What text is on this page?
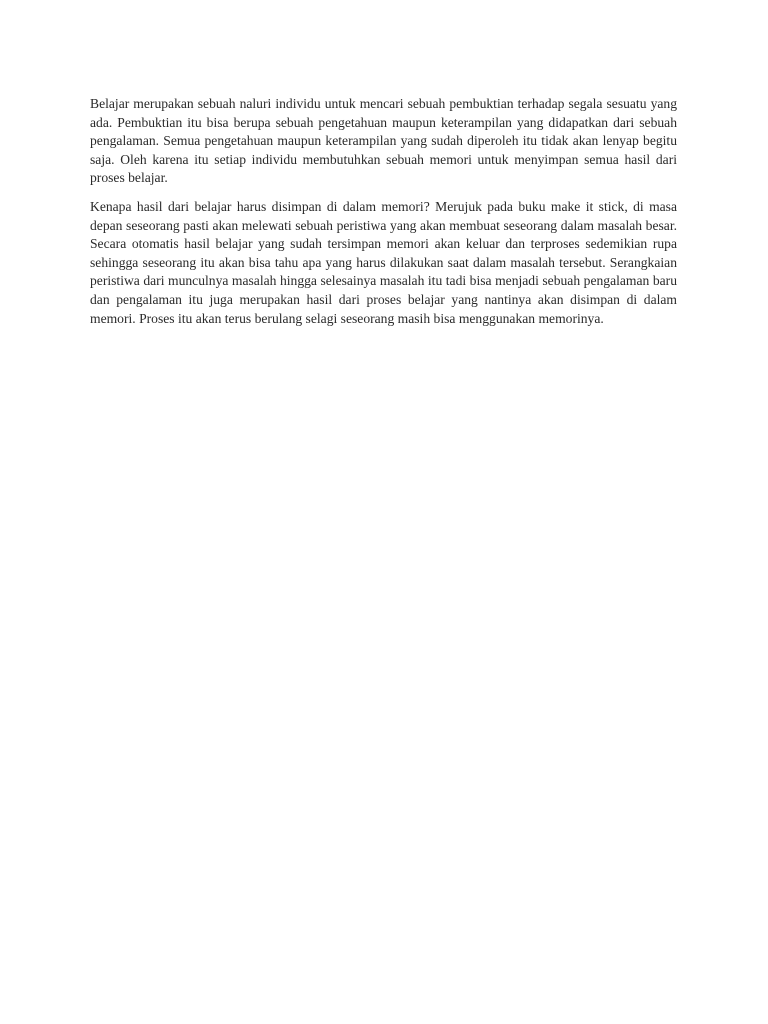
Belajar merupakan sebuah naluri individu untuk mencari sebuah pembuktian terhadap segala sesuatu yang ada. Pembuktian itu bisa berupa sebuah pengetahuan maupun keterampilan yang didapatkan dari sebuah pengalaman. Semua pengetahuan maupun keterampilan yang sudah diperoleh itu tidak akan lenyap begitu saja. Oleh karena itu setiap individu membutuhkan sebuah memori untuk menyimpan semua hasil dari proses belajar.

Kenapa hasil dari belajar harus disimpan di dalam memori? Merujuk pada buku make it stick, di masa depan seseorang pasti akan melewati sebuah peristiwa yang akan membuat seseorang dalam masalah besar. Secara otomatis hasil belajar yang sudah tersimpan memori akan keluar dan terproses sedemikian rupa sehingga seseorang itu akan bisa tahu apa yang harus dilakukan saat dalam masalah tersebut. Serangkaian peristiwa dari munculnya masalah hingga selesainya masalah itu tadi bisa menjadi sebuah pengalaman baru dan pengalaman itu juga merupakan hasil dari proses belajar yang nantinya akan disimpan di dalam memori. Proses itu akan terus berulang selagi seseorang masih bisa menggunakan memorinya.
